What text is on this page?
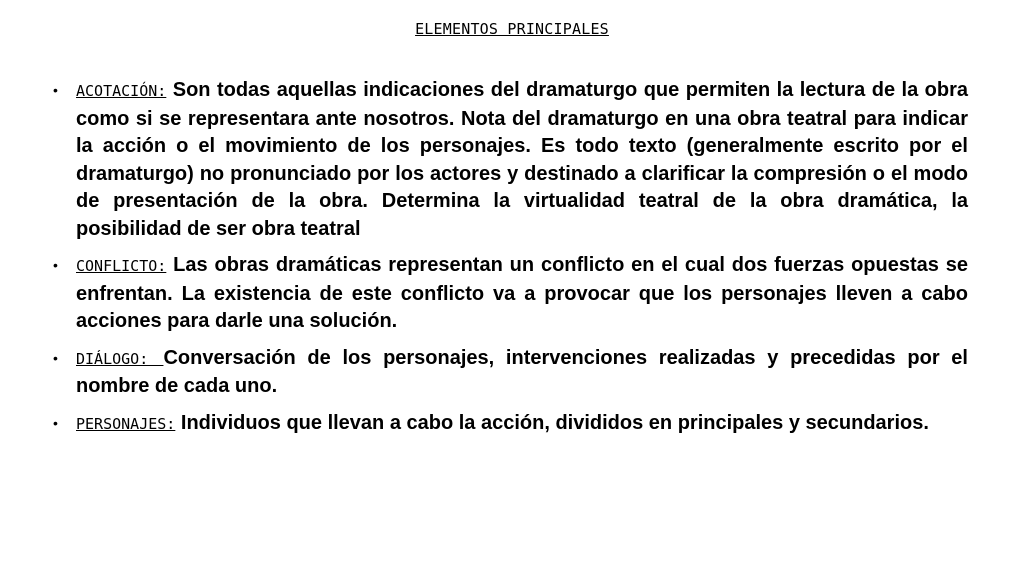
ELEMENTOS PRINCIPALES
• ACOTACIÓN: Son todas aquellas indicaciones del dramaturgo que permiten la lectura de la obra como si se representara ante nosotros. Nota del dramaturgo en una obra teatral para indicar la acción o el movimiento de los personajes. Es todo texto (generalmente escrito por el dramaturgo) no pronunciado por los actores y destinado a clarificar la compresión o el modo de presentación de la obra. Determina la virtualidad teatral de la obra dramática, la posibilidad de ser obra teatral
• CONFLICTO: Las obras dramáticas representan un conflicto en el cual dos fuerzas opuestas se enfrentan. La existencia de este conflicto va a provocar que los personajes lleven a cabo acciones para darle una solución.
• DIÁLOGO: Conversación de los personajes, intervenciones realizadas y precedidas por el nombre de cada uno.
• PERSONAJES: Individuos que llevan a cabo la acción, divididos en principales y secundarios.
